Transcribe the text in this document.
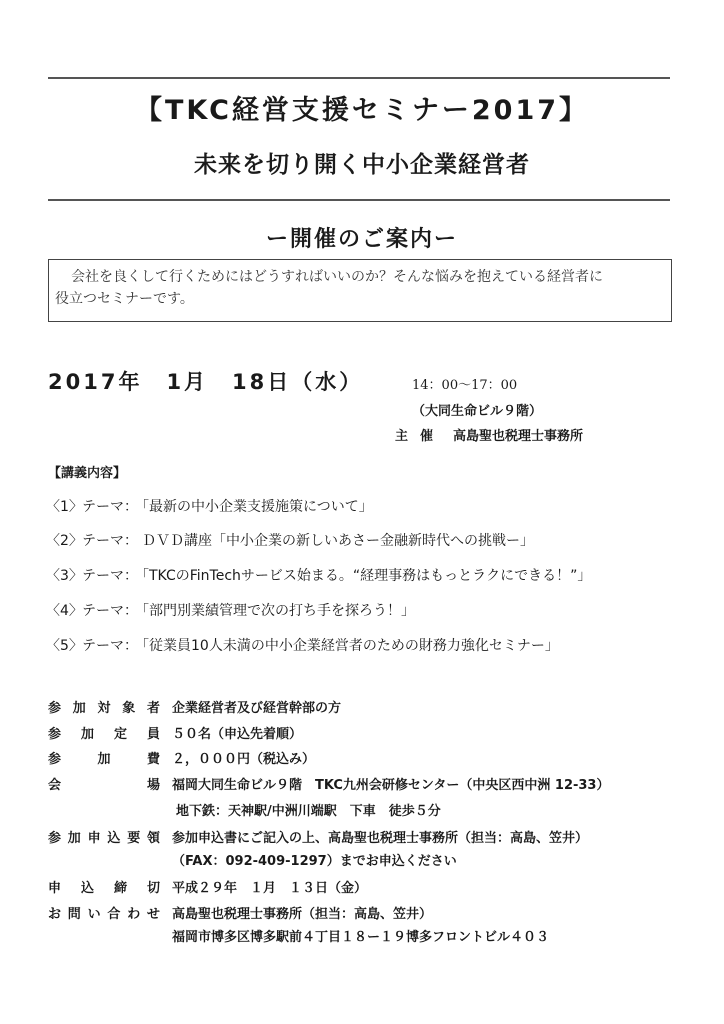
【TKC経営支援セミナー2017】
未来を切り開く中小企業経営者
ー開催のご案内ー
会社を良くして行くためにはどうすればいいのか？そんな悩みを抱えている経営者に
役立つセミナーです。
2017年　1月　18日（水）	14：00〜17：00
（大同生命ビル９階）
主催 高島聖也税理士事務所
【講義内容】
〈1〉テーマ： 「最新の中小企業支援施策について」
〈2〉テーマ： ＤＶＤ講座「中小企業の新しいあさー金融新時代への挑戦ー」
〈3〉テーマ： 「TKCのFinTechサービス始まる。“経理事務はもっとラクにできる！”」
〈4〉テーマ： 「部門別業績管理で次の打ち手を探ろう！」
〈5〉テーマ： 「従業員10人未満の中小企業経営者のための財務力強化セミナー」
参 加 対 象 者 企業経営者及び経営幹部の方
参 加 定 員 ５０名（申込先着順）
参	加	費 ２，０００円（税込み）
会	場 福岡大同生命ビル９階　TKC九州会研修センター（中央区西中洲 12-33）
地下鉄：天神駅/中洲川端駅　下車　徒歩５分
参 加 申 込 要 領 参加申込書にご記入の上、高島聖也税理士事務所（担当：高島、笠井）
（FAX：092-409-1297）までお申込ください
申 込 締 切 平成２９年　１月　１３日（金）
お 問 い 合 わ せ 高島聖也税理士事務所（担当：高島、笠井）
福岡市博多区博多駅前４丁目１８ー１９博多フロントビル４０３
